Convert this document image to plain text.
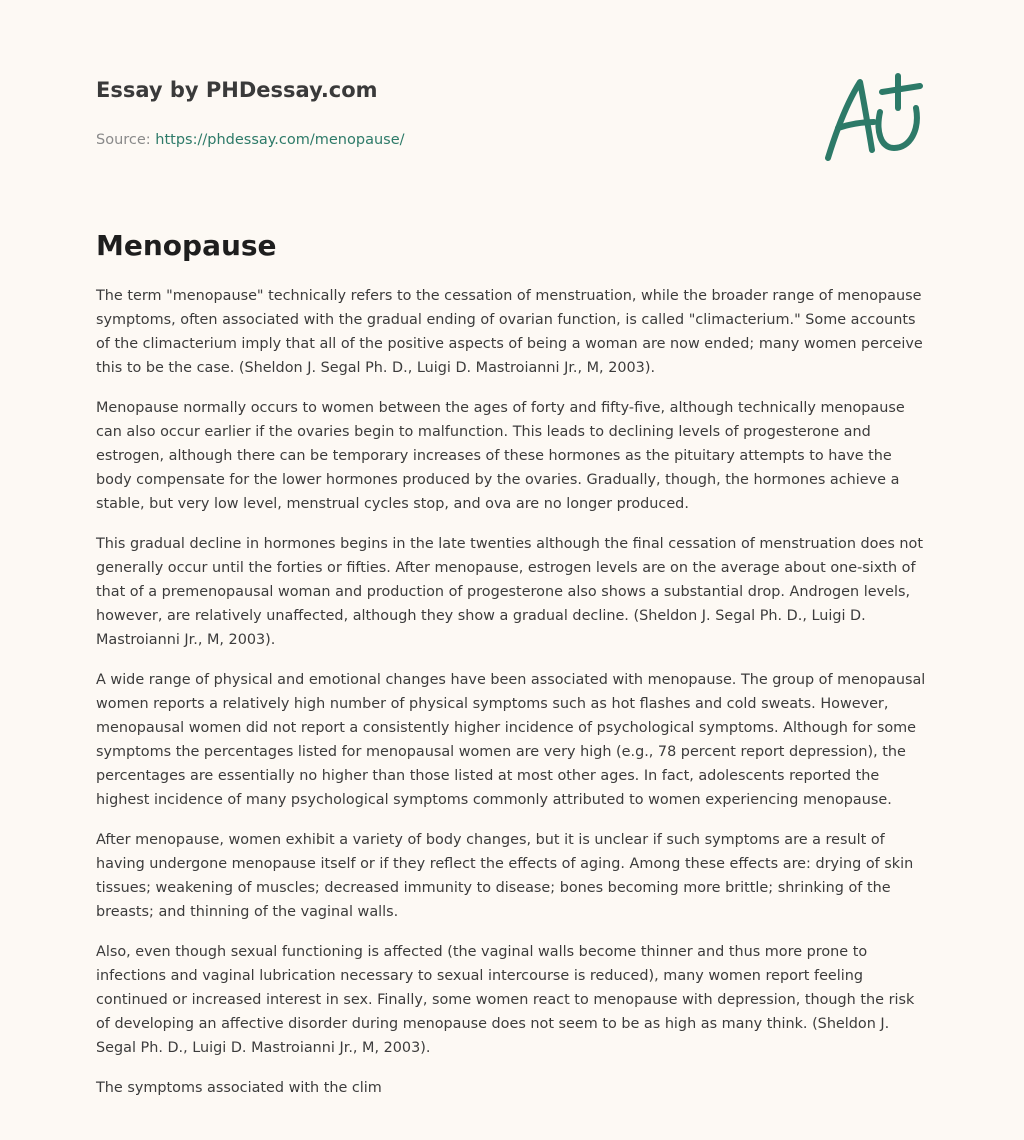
Essay by PHDessay.com
Source: https://phdessay.com/menopause/
Menopause

The term "menopause" technically refers to the cessation of menstruation, while the broader range of menopause symptoms, often associated with the gradual ending of ovarian function, is called "climacterium." Some accounts of the climacterium imply that all of the positive aspects of being a woman are now ended; many women perceive this to be the case. (Sheldon J. Segal Ph. D., Luigi D. Mastroianni Jr., M, 2003).

Menopause normally occurs to women between the ages of forty and fifty-five, although technically menopause can also occur earlier if the ovaries begin to malfunction. This leads to declining levels of progesterone and estrogen, although there can be temporary increases of these hormones as the pituitary attempts to have the body compensate for the lower hormones produced by the ovaries. Gradually, though, the hormones achieve a stable, but very low level, menstrual cycles stop, and ova are no longer produced.

This gradual decline in hormones begins in the late twenties although the final cessation of menstruation does not generally occur until the forties or fifties. After menopause, estrogen levels are on the average about one-sixth of that of a premenopausal woman and production of progesterone also shows a substantial drop. Androgen levels, however, are relatively unaffected, although they show a gradual decline. (Sheldon J. Segal Ph. D., Luigi D. Mastroianni Jr., M, 2003).

A wide range of physical and emotional changes have been associated with menopause. The group of menopausal women reports a relatively high number of physical symptoms such as hot flashes and cold sweats. However, menopausal women did not report a consistently higher incidence of psychological symptoms. Although for some symptoms the percentages listed for menopausal women are very high (e.g., 78 percent report depression), the percentages are essentially no higher than those listed at most other ages. In fact, adolescents reported the highest incidence of many psychological symptoms commonly attributed to women experiencing menopause.

After menopause, women exhibit a variety of body changes, but it is unclear if such symptoms are a result of having undergone menopause itself or if they reflect the effects of aging. Among these effects are: drying of skin tissues; weakening of muscles; decreased immunity to disease; bones becoming more brittle; shrinking of the breasts; and thinning of the vaginal walls.

Also, even though sexual functioning is affected (the vaginal walls become thinner and thus more prone to infections and vaginal lubrication necessary to sexual intercourse is reduced), many women report feeling continued or increased interest in sex. Finally, some women react to menopause with depression, though the risk of developing an affective disorder during menopause does not seem to be as high as many think. (Sheldon J. Segal Ph. D., Luigi D. Mastroianni Jr., M, 2003).

The symptoms associated with the clim
